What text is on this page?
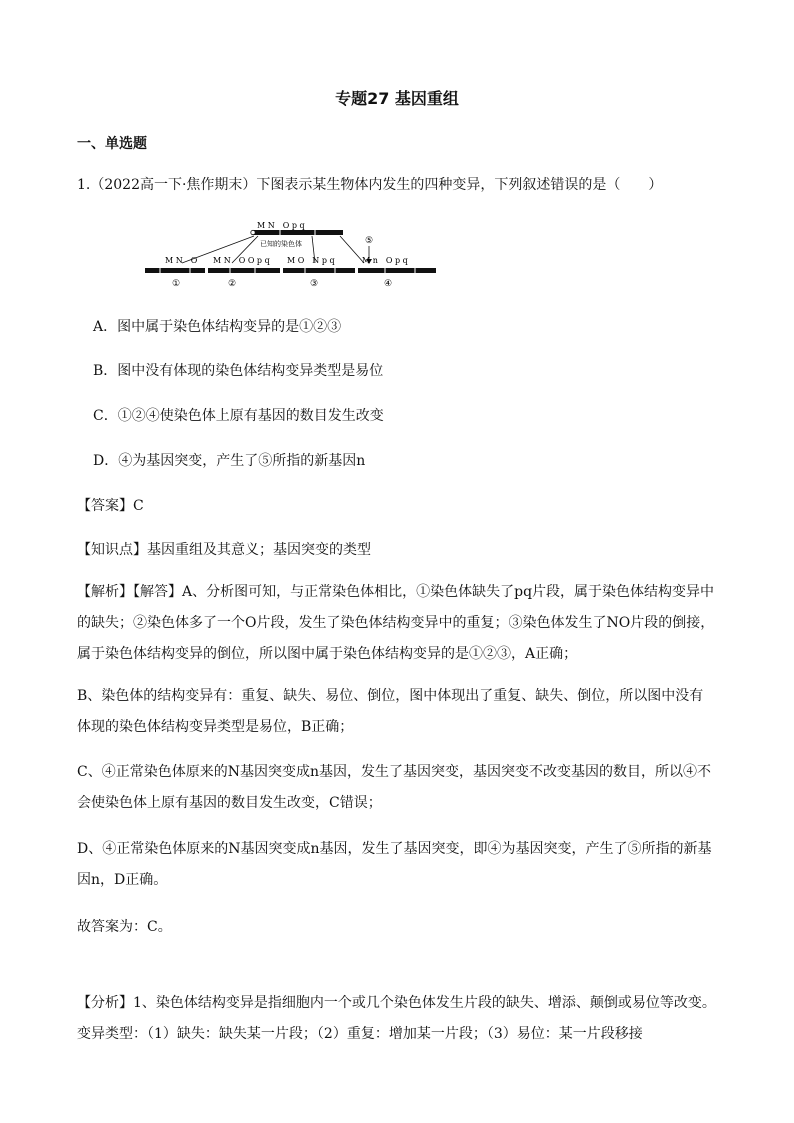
专题27 基因重组
一、单选题
1.（2022高一下·焦作期末）下图表示某生物体内发生的四种变异，下列叙述错误的是（　　）
M N　O p q
已知的染色体	⑤
M N　O
①
M N　O O p q
②
M O　N p q
③
M n　O p q
④
A．图中属于染色体结构变异的是①②③
B．图中没有体现的染色体结构变异类型是易位
C．①②④使染色体上原有基因的数目发生改变
D．④为基因突变，产生了⑤所指的新基因n
【答案】C
【知识点】基因重组及其意义；基因突变的类型
【解析】【解答】A、分析图可知，与正常染色体相比，①染色体缺失了pq片段，属于染色体结构变异中的缺失；②染色体多了一个O片段，发生了染色体结构变异中的重复；③染色体发生了NO片段的倒接，属于染色体结构变异的倒位，所以图中属于染色体结构变异的是①②③，A正确；
B、染色体的结构变异有：重复、缺失、易位、倒位，图中体现出了重复、缺失、倒位，所以图中没有体现的染色体结构变异类型是易位，B正确；
C、④正常染色体原来的N基因突变成n基因，发生了基因突变，基因突变不改变基因的数目，所以④不会使染色体上原有基因的数目发生改变，C错误；
D、④正常染色体原来的N基因突变成n基因，发生了基因突变，即④为基因突变，产生了⑤所指的新基因n，D正确。
故答案为：C。
【分析】1、染色体结构变异是指细胞内一个或几个染色体发生片段的缺失、增添、颠倒或易位等改变。变异类型：（1）缺失：缺失某一片段；（2）重复：增加某一片段；（3）易位：某一片段移接
